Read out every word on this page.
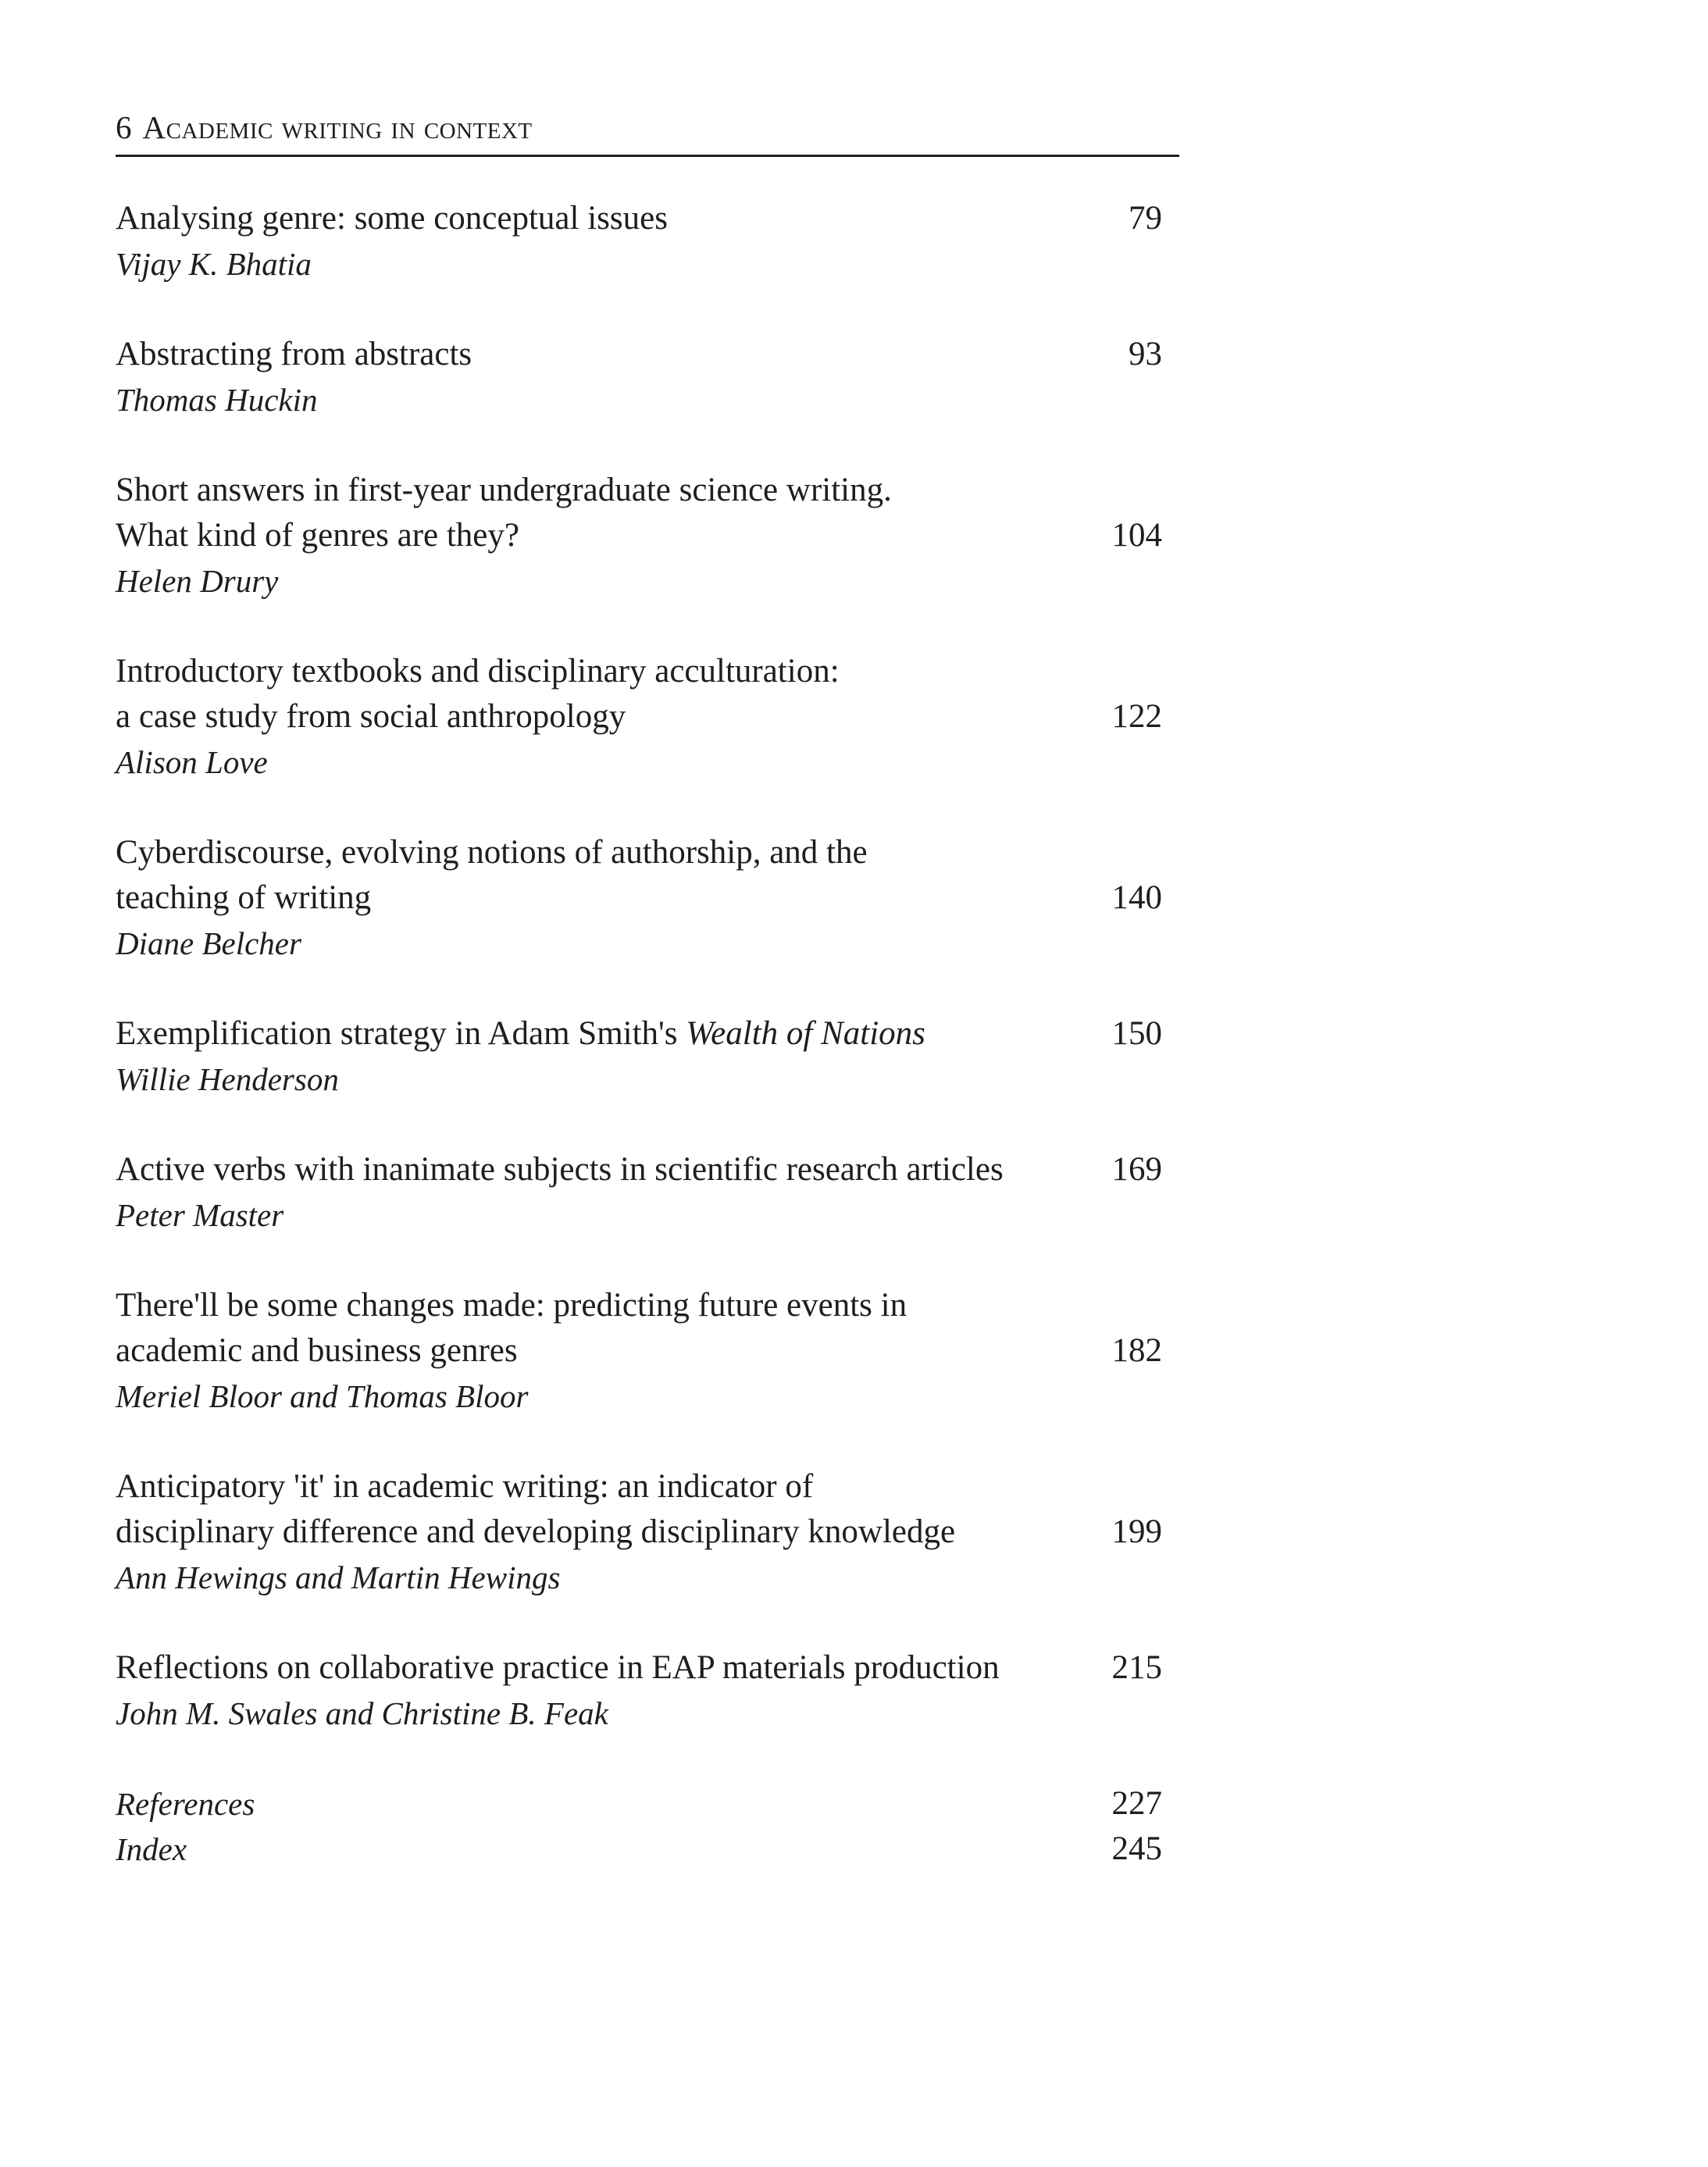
6 Academic writing in context
79
Analysing genre: some conceptual issues
Vijay K. Bhatia
93
Abstracting from abstracts
Thomas Huckin
104
Short answers in first-year undergraduate science writing.
What kind of genres are they?
Helen Drury
122
Introductory textbooks and disciplinary acculturation:
a case study from social anthropology
Alison Love
140
Cyberdiscourse, evolving notions of authorship, and the
teaching of writing
Diane Belcher
150
Exemplification strategy in Adam Smith's Wealth of Nations
Willie Henderson
169
Active verbs with inanimate subjects in scientific research articles
Peter Master
182
There'll be some changes made: predicting future events in
academic and business genres
Meriel Bloor and Thomas Bloor
199
Anticipatory 'it' in academic writing: an indicator of
disciplinary difference and developing disciplinary knowledge
Ann Hewings and Martin Hewings
215
Reflections on collaborative practice in EAP materials production
John M. Swales and Christine B. Feak
227
References
245
Index
